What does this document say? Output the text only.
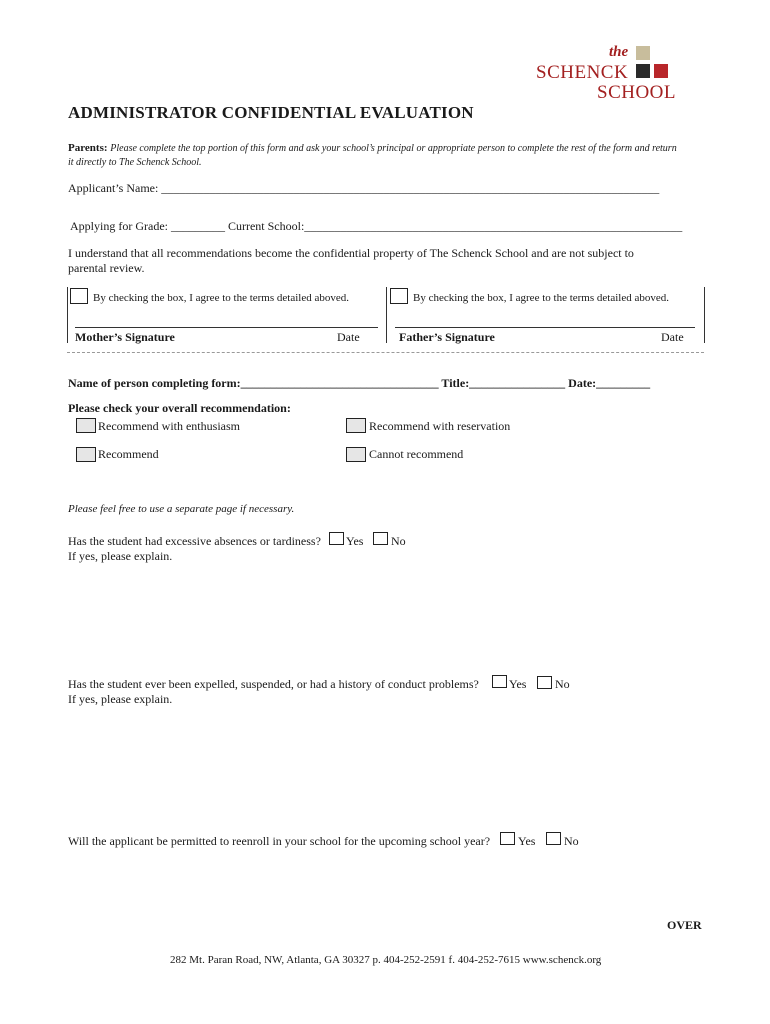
the
SCHENCK
SCHOOL
ADMINISTRATOR CONFIDENTIAL EVALUATION
Parents: Please complete the top portion of this form and ask your school’s principal or appropriate person to complete the rest of the form and return
it directly to The Schenck School.
Applicant’s Name: ___________________________________________________________________________________
Applying for Grade: _________ Current School:_______________________________________________________________
I understand that all recommendations become the confidential property of The Schenck School and are not subject to
parental review.
By checking the box, I agree to the terms detailed aboved.
Mother’s Signature	Date
By checking the box, I agree to the terms detailed aboved.
Father’s Signature	Date
Name of person completing form:_________________________________ Title:________________ Date:_________
Please check your overall recommendation:
Recommend with enthusiasm	Recommend with reservation
Recommend	Cannot recommend
Please feel free to use a separate page if necessary.
Has the student had excessive absences or tardiness? Yes No
If yes, please explain.
Has the student ever been expelled, suspended, or had a history of conduct problems?	Yes No
If yes, please explain.
Will the applicant be permitted to reenroll in your school for the upcoming school year? Yes No
OVER
282 Mt. Paran Road, NW, Atlanta, GA 30327 p. 404-252-2591 f. 404-252-7615 www.schenck.org
